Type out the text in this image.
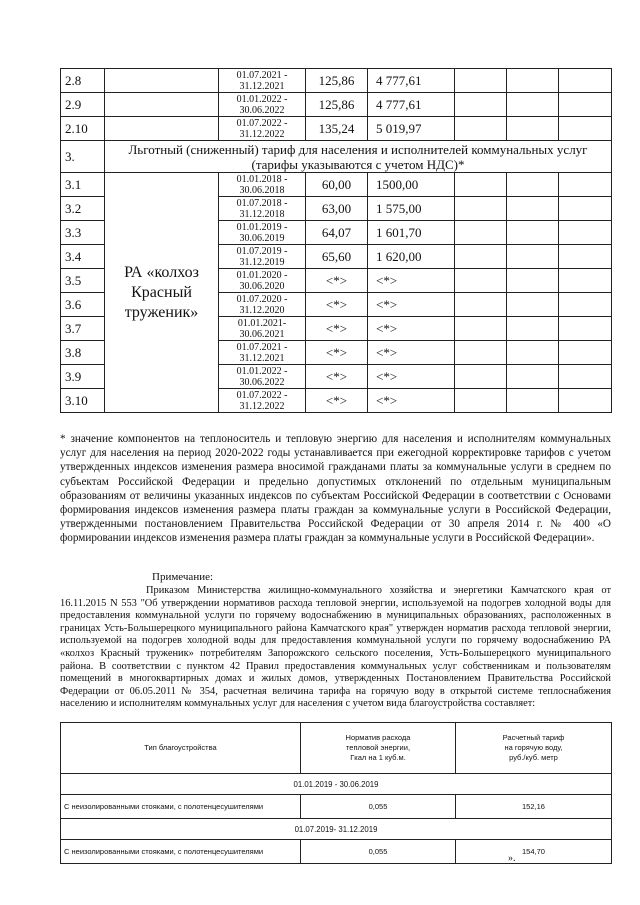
2.8		01.07.2021 -
31.12.2021	125,86	4 777,61			
2.9		01.01.2022 -
30.06.2022	125,86	4 777,61			
2.10		01.07.2022 -
31.12.2022	135,24	5 019,97			
3.	Льготный (сниженный) тариф для населения и исполнителей коммунальных услуг
(тарифы указываются с учетом НДС)*						
3.1	РА «колхоз
Красный
труженик»	01.01.2018 -
30.06.2018	60,00	1500,00			
3.2		01.07.2018 -
31.12.2018	63,00	1 575,00			
3.3		01.01.2019 -
30.06.2019	64,07	1 601,70			
3.4		01.07.2019 -
31.12.2019	65,60	1 620,00			
3.5		01.01.2020 -
30.06.2020	<*>	<*>			
3.6		01.07.2020 -
31.12.2020	<*>	<*>			
3.7		01.01.2021-
30.06.2021	<*>	<*>			
3.8		01.07.2021 -
31.12.2021	<*>	<*>			
3.9		01.01.2022 -
30.06.2022	<*>	<*>			
3.10		01.07.2022 -
31.12.2022	<*>	<*>			

* значение компонентов на теплоноситель и тепловую энергию для населения и исполнителям коммунальных услуг для населения на период 2020-2022 годы устанавливается при ежегодной корректировке тарифов с учетом утвержденных индексов изменения размера вносимой гражданами платы за коммунальные услуги в среднем по субъектам Российской Федерации и предельно допустимых отклонений по отдельным муниципальным образованиям от величины указанных индексов по субъектам Российской Федерации в соответствии с Основами формирования индексов изменения размера платы граждан за коммунальные услуги в Российской Федерации, утвержденными постановлением Правительства Российской Федерации от 30 апреля 2014 г. № 400 «О формировании индексов изменения размера платы граждан за коммунальные услуги в Российской Федерации».

Примечание:

Приказом Министерства жилищно-коммунального хозяйства и энергетики Камчатского края от 16.11.2015 N 553 "Об утверждении нормативов расхода тепловой энергии, используемой на подогрев холодной воды для предоставления коммунальной услуги по горячему водоснабжению в муниципальных образованиях, расположенных в границах Усть-Большерецкого муниципального района Камчатского края" утвержден норматив расхода тепловой энергии, используемой на подогрев холодной воды для предоставления коммунальной услуги по горячему водоснабжению РА «колхоз Красный труженик» потребителям Запорожского сельского поселения, Усть-Большерецкого муниципального района. В соответствии с пунктом 42 Правил предоставления коммунальных услуг собственникам и пользователям помещений в многоквартирных домах и жилых домов, утвержденных Постановлением Правительства Российской Федерации от 06.05.2011 № 354, расчетная величина тарифа на горячую воду в открытой системе теплоснабжения населению и исполнителям коммунальных услуг для населения с учетом вида благоустройства составляет:

Тип благоустройства	Норматив расхода
тепловой энергии,
Гкал на 1 куб.м.	Расчетный тариф
на горячую воду,
руб./куб. метр
01.01.2019 - 30.06.2019		
С неизолированными стояками, с полотенцесушителями	0,055	152,16
01.07.2019- 31.12.2019		
С неизолированными стояками, с полотенцесушителями	0,055	154,70
».
